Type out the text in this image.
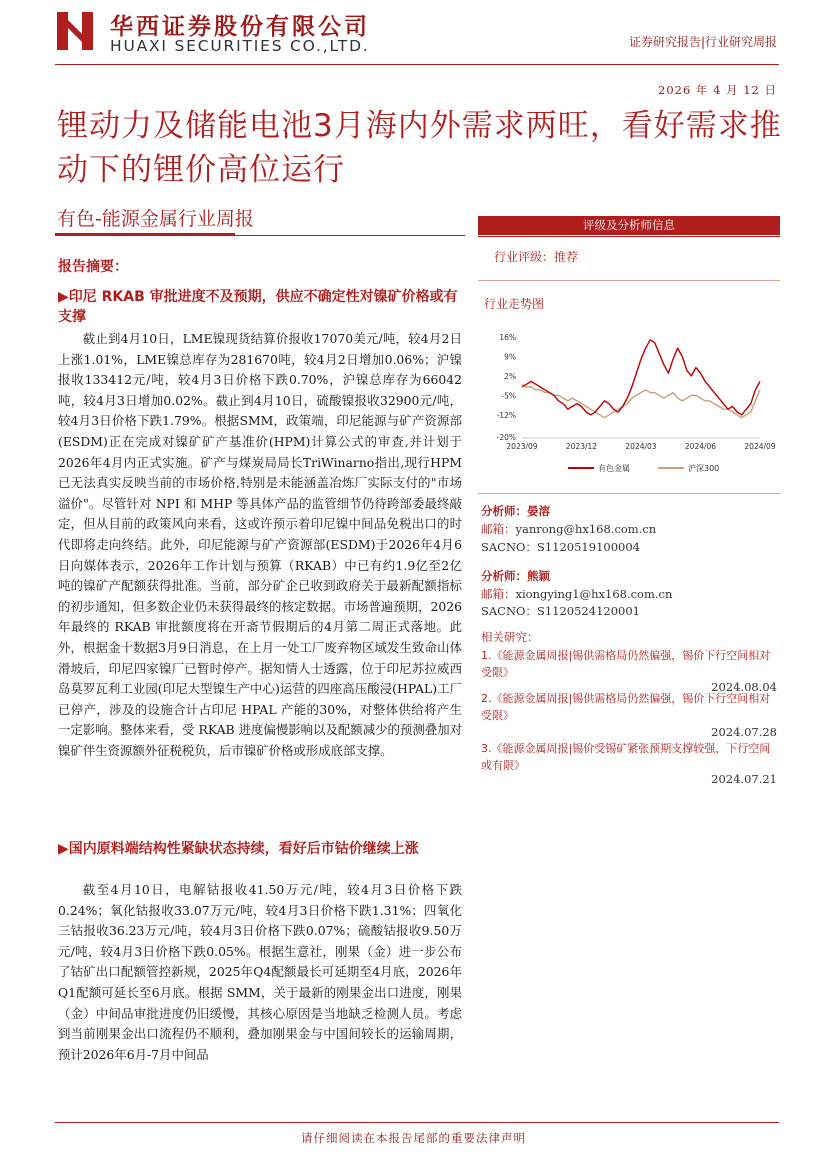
华西证券股份有限公司
HUAXI SECURITIES CO.,LTD.	证券研究报告|行业研究周报
2026 年 4 月 12 日
锂动力及储能电池3月海内外需求两旺，看好需求推动下的锂价高位运行
有色-能源金属行业周报
报告摘要：
▶印尼 RKAB 审批进度不及预期，供应不确定性对镍矿价格或有支撑
截止到4月10日，LME镍现货结算价报收17070美元/吨，较4月2日上涨1.01%，LME镍总库存为281670吨，较4月2日增加0.06%；沪镍报收133412元/吨，较4月3日价格下跌0.70%，沪镍总库存为66042吨，较4月3日增加0.02%。截止到4月10日，硫酸镍报收32900元/吨，较4月3日价格下跌1.79%。根据SMM，政策端，印尼能源与矿产资源部(ESDM)正在完成对镍矿矿产基准价(HPM)计算公式的审查,并计划于2026年4月内正式实施。矿产与煤炭局局长TriWinarno指出,现行HPM已无法真实反映当前的市场价格,特别是未能涵盖冶炼厂实际支付的"市场溢价"。尽管针对 NPI 和 MHP 等具体产品的监管细节仍待跨部委最终敲定，但从目前的政策风向来看，这或许预示着印尼镍中间品免税出口的时代即将走向终结。此外，印尼能源与矿产资源部(ESDM)于2026年4月6日向媒体表示，2026年工作计划与预算（RKAB）中已有约1.9亿至2亿吨的镍矿产配额获得批准。当前，部分矿企已收到政府关于最新配额指标的初步通知，但多数企业仍未获得最终的核定数据。市场普遍预期，2026年最终的 RKAB 审批额度将在开斋节假期后的4月第二周正式落地。此外，根据金十数据3月9日消息，在上月一处工厂废弃物区域发生致命山体滑坡后，印尼四家镍厂已暂时停产。据知情人士透露，位于印尼苏拉威西岛莫罗瓦利工业园(印尼大型镍生产中心)运营的四座高压酸浸(HPAL)工厂已停产，涉及的设施合计占印尼 HPAL 产能的30%，对整体供给将产生一定影响。整体来看，受 RKAB 进度偏慢影响以及配额减少的预测叠加对镍矿伴生资源额外征税税负，后市镍矿价格或形成底部支撑。
▶国内原料端结构性紧缺状态持续，看好后市钴价继续上涨
截至4月10日，电解钴报收41.50万元/吨，较4月3日价格下跌0.24%；氧化钴报收33.07万元/吨，较4月3日价格下跌1.31%；四氧化三钴报收36.23万元/吨，较4月3日价格下跌0.07%；硫酸钴报收9.50万元/吨，较4月3日价格下跌0.05%。根据生意社，刚果（金）进一步公布了钴矿出口配额管控新规，2025年Q4配额最长可延期至4月底，2026年Q1配额可延长至6月底。根据 SMM，关于最新的刚果金出口进度，刚果（金）中间品审批进度仍旧缓慢，其核心原因是当地缺乏检测人员。考虑到当前刚果金出口流程仍不顺利，叠加刚果金与中国间较长的运输周期，预计2026年6月-7月中间品
评级及分析师信息
行业评级：推荐
行业走势图
16%
9%
2%
-5%
-12%
-20%
2023/09	2023/12	2024/03	2024/06	2024/09
有色金属	沪深300
分析师：晏溶
邮箱：yanrong@hx168.com.cn
SACNO：S1120519100004
分析师：熊颖
邮箱：xiongying1@hx168.com.cn
SACNO：S1120524120001
相关研究：
1.《能源金属周报|锡供需格局仍然偏强，锡价下行空间相对受限》
2024.08.04
2.《能源金属周报|锡供需格局仍然偏强，锡价下行空间相对受限》
2024.07.28
3.《能源金属周报|锡价受锡矿紧张预期支撑较强，下行空间或有限》
2024.07.21
请仔细阅读在本报告尾部的重要法律声明
